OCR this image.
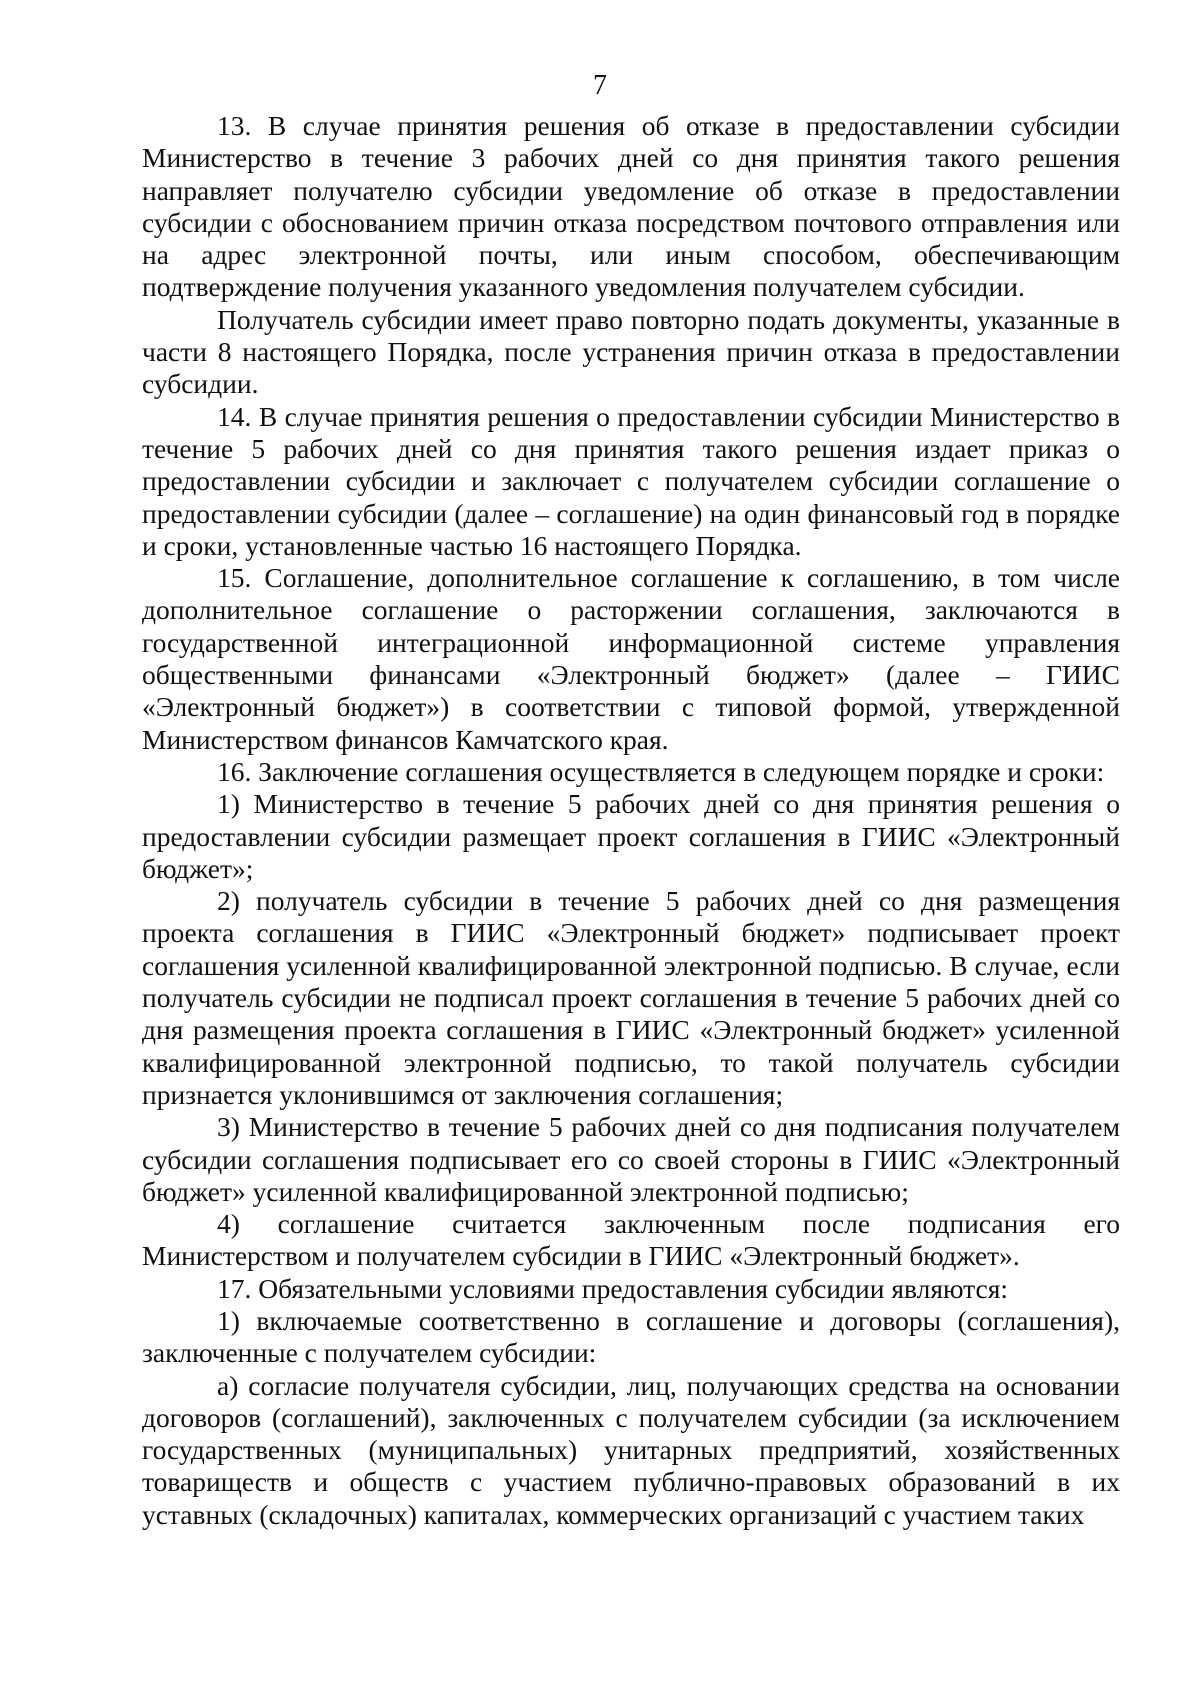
7

13. В случае принятия решения об отказе в предоставлении субсидии Министерство в течение 3 рабочих дней со дня принятия такого решения направляет получателю субсидии уведомление об отказе в предоставлении субсидии с обоснованием причин отказа посредством почтового отправления или на адрес электронной почты, или иным способом, обеспечивающим подтверждение получения указанного уведомления получателем субсидии.

Получатель субсидии имеет право повторно подать документы, указанные в части 8 настоящего Порядка, после устранения причин отказа в предоставлении субсидии.

14. В случае принятия решения о предоставлении субсидии Министерство в течение 5 рабочих дней со дня принятия такого решения издает приказ о предоставлении субсидии и заключает с получателем субсидии соглашение о предоставлении субсидии (далее – соглашение) на один финансовый год в порядке и сроки, установленные частью 16 настоящего Порядка.

15. Соглашение, дополнительное соглашение к соглашению, в том числе дополнительное соглашение о расторжении соглашения, заключаются в государственной интеграционной информационной системе управления общественными финансами «Электронный бюджет» (далее – ГИИС «Электронный бюджет») в соответствии с типовой формой, утвержденной Министерством финансов Камчатского края.

16. Заключение соглашения осуществляется в следующем порядке и сроки:

1) Министерство в течение 5 рабочих дней со дня принятия решения о предоставлении субсидии размещает проект соглашения в ГИИС «Электронный бюджет»;

2) получатель субсидии в течение 5 рабочих дней со дня размещения проекта соглашения в ГИИС «Электронный бюджет» подписывает проект соглашения усиленной квалифицированной электронной подписью. В случае, если получатель субсидии не подписал проект соглашения в течение 5 рабочих дней со дня размещения проекта соглашения в ГИИС «Электронный бюджет» усиленной квалифицированной электронной подписью, то такой получатель субсидии признается уклонившимся от заключения соглашения;

3) Министерство в течение 5 рабочих дней со дня подписания получателем субсидии соглашения подписывает его со своей стороны в ГИИС «Электронный бюджет» усиленной квалифицированной электронной подписью;

4) соглашение считается заключенным после подписания его Министерством и получателем субсидии в ГИИС «Электронный бюджет».

17. Обязательными условиями предоставления субсидии являются:

1) включаемые соответственно в соглашение и договоры (соглашения), заключенные с получателем субсидии:

а) согласие получателя субсидии, лиц, получающих средства на основании договоров (соглашений), заключенных с получателем субсидии (за исключением государственных (муниципальных) унитарных предприятий, хозяйственных товариществ и обществ с участием публично-правовых образований в их уставных (складочных) капиталах, коммерческих организаций с участием таких
